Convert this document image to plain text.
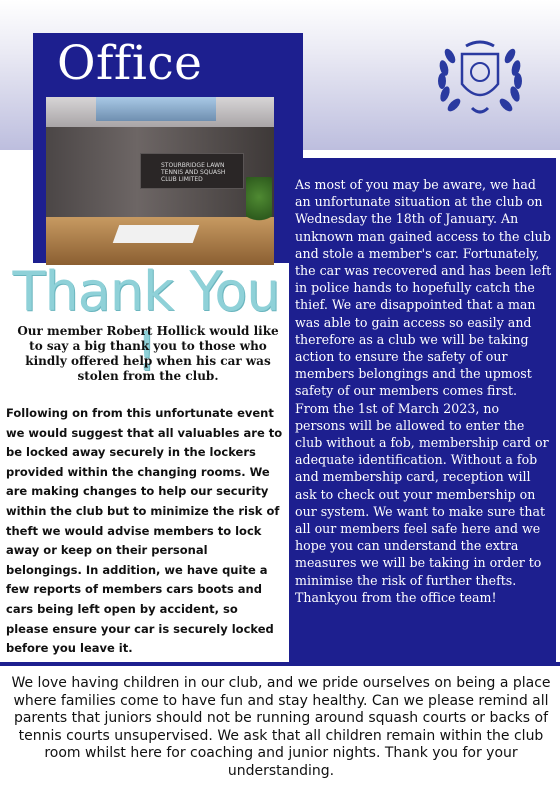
Office
STOURBRIDGE LAWN TENNIS AND SQUASH CLUB LIMITED
Thank You !
Our member Robert Hollick would like to say a big thank you to those who kindly offered help when his car was stolen from the club.
Following on from this unfortunate event we would suggest that all valuables are to be locked away securely in the lockers provided within the changing rooms. We are making changes to help our security within the club but to minimize the risk of theft we would advise members to lock away or keep on their personal belongings. In addition, we have quite a few reports of members cars boots and cars being left open by accident, so please ensure your car is securely locked before you leave it.
As most of you may be aware, we had an unfortunate situation at the club on Wednesday the 18th of January. An unknown man gained access to the club and stole a member's car. Fortunately, the car was recovered and has been left in police hands to hopefully catch the thief. We are disappointed that a man was able to gain access so easily and therefore as a club we will be taking action to ensure the safety of our members belongings and the upmost safety of our members comes first. From the 1st of March 2023, no persons will be allowed to enter the club without a fob, membership card or adequate identification. Without a fob and membership card, reception will ask to check out your membership on our system. We want to make sure that all our members feel safe here and we hope you can understand the extra measures we will be taking in order to minimise the risk of further thefts.
Thankyou from the office team!
We love having children in our club, and we pride ourselves on being a place where families come to have fun and stay healthy. Can we please remind all parents that juniors should not be running around squash courts or backs of tennis courts unsupervised. We ask that all children remain within the club room whilst here for coaching and junior nights. Thank you for your understanding.
